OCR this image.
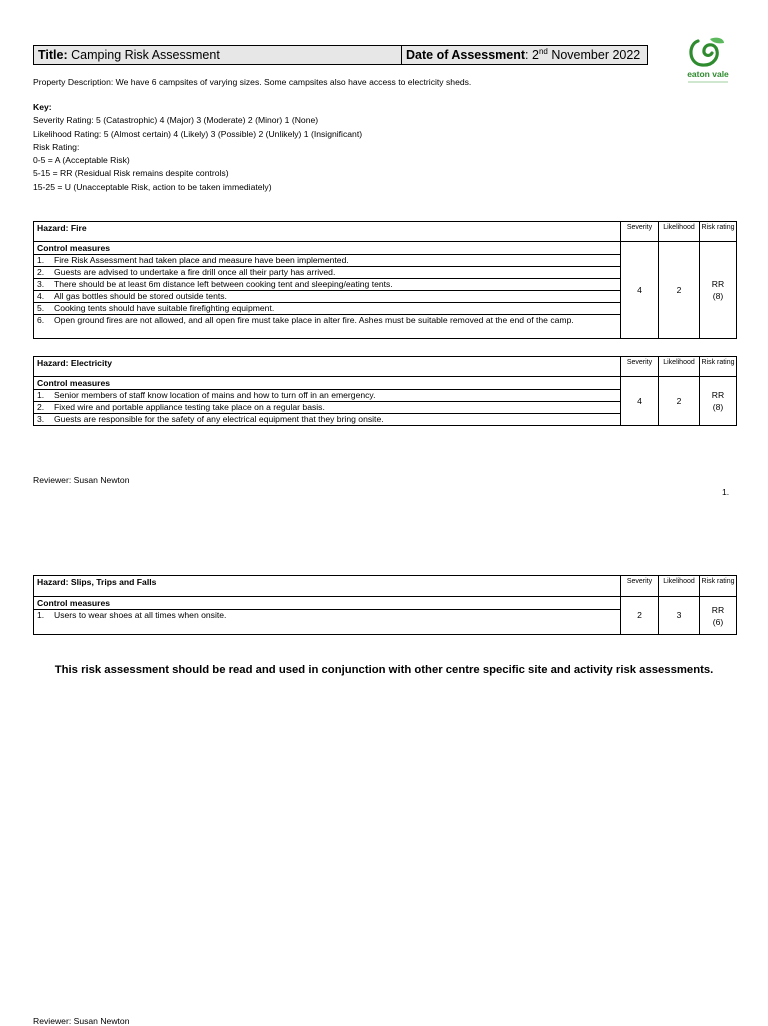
Title: Camping Risk Assessment	Date of Assessment: 2nd November 2022
eaton vale
Property Description: We have 6 campsites of varying sizes. Some campsites also have access to electricity sheds.
Key:
Severity Rating: 5 (Catastrophic) 4 (Major) 3 (Moderate) 2 (Minor) 1 (None)
Likelihood Rating: 5 (Almost certain) 4 (Likely) 3 (Possible) 2 (Unlikely) 1 (Insignificant)
Risk Rating:
0-5 = A (Acceptable Risk)
5-15 = RR (Residual Risk remains despite controls)
15-25 = U (Unacceptable Risk, action to be taken immediately)
Hazard: Fire	Severity	Likelihood	Risk rating
Control measures	4	2	RR
(8)

1. Fire Risk Assessment had taken place and measure have been implemented.			

2. Guests are advised to undertake a fire drill once all their party has arrived.			

3. There should be at least 6m distance left between cooking tent and sleeping/eating tents.			

4. All gas bottles should be stored outside tents.			

5. Cooking tents should have suitable firefighting equipment.			

6. Open ground fires are not allowed, and all open fire must take place in alter fire. Ashes must be suitable removed at the end of the camp.			
Hazard: Electricity	Severity	Likelihood	Risk rating
Control measures	4	2	RR
(8)

1. Senior members of staff know location of mains and how to turn off in an emergency.			

2. Fixed wire and portable appliance testing take place on a regular basis.			

3. Guests are responsible for the safety of any electrical equipment that they bring onsite.			
Reviewer: Susan Newton
1.
Hazard: Slips, Trips and Falls	Severity	Likelihood	Risk rating
Control measures	2	3	RR
(6)

1. Users to wear shoes at all times when onsite.			
This risk assessment should be read and used in conjunction with other centre specific site and activity risk assessments.
Reviewer: Susan Newton
